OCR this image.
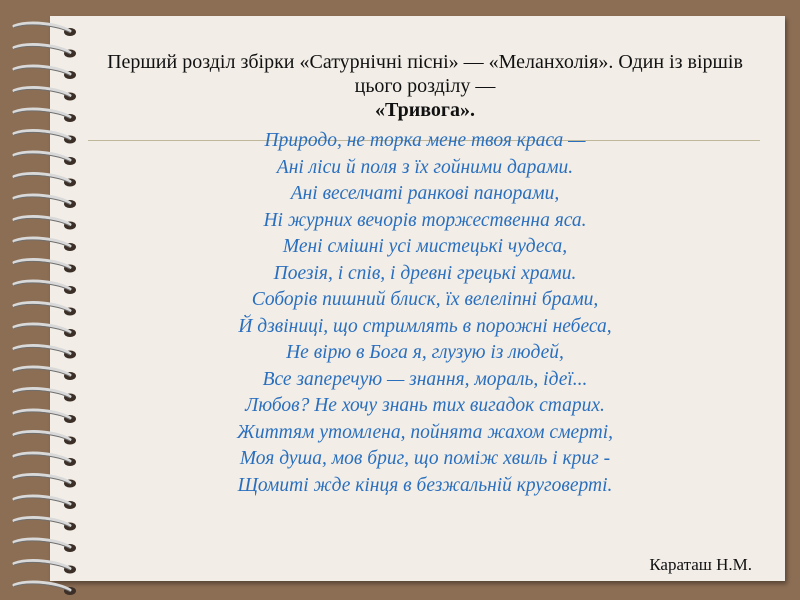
Перший розділ збірки «Сатурнічні пісні» — «Меланхолія». Один із віршів цього розділу —
«Тривога».
Природо, не торка мене твоя краса —
Ані ліси й поля з їх гойними дарами.
Ані веселчаті ранкові панорами,
Ні журних вечорів торжественна яса.
Мені смішні усі мистецькі чудеса,
Поезія, і спів, і древні грецькі храми.
Соборів пишний блиск, їх велелiпні брами,
Й дзвіниці, що стримлять в порожні небеса,
Не вірю в Бога я, глузую із людей,
Все заперечую — знання, мораль, ідеї...
Любов? Не хочу знань тих вигадок старих.
Життям утомлена, пойнята жахом смерті,
Моя душа, мов бриг, що поміж хвиль і криг -
Щомиті жде кінця в безжальній круговерті.
Караташ Н.М.
